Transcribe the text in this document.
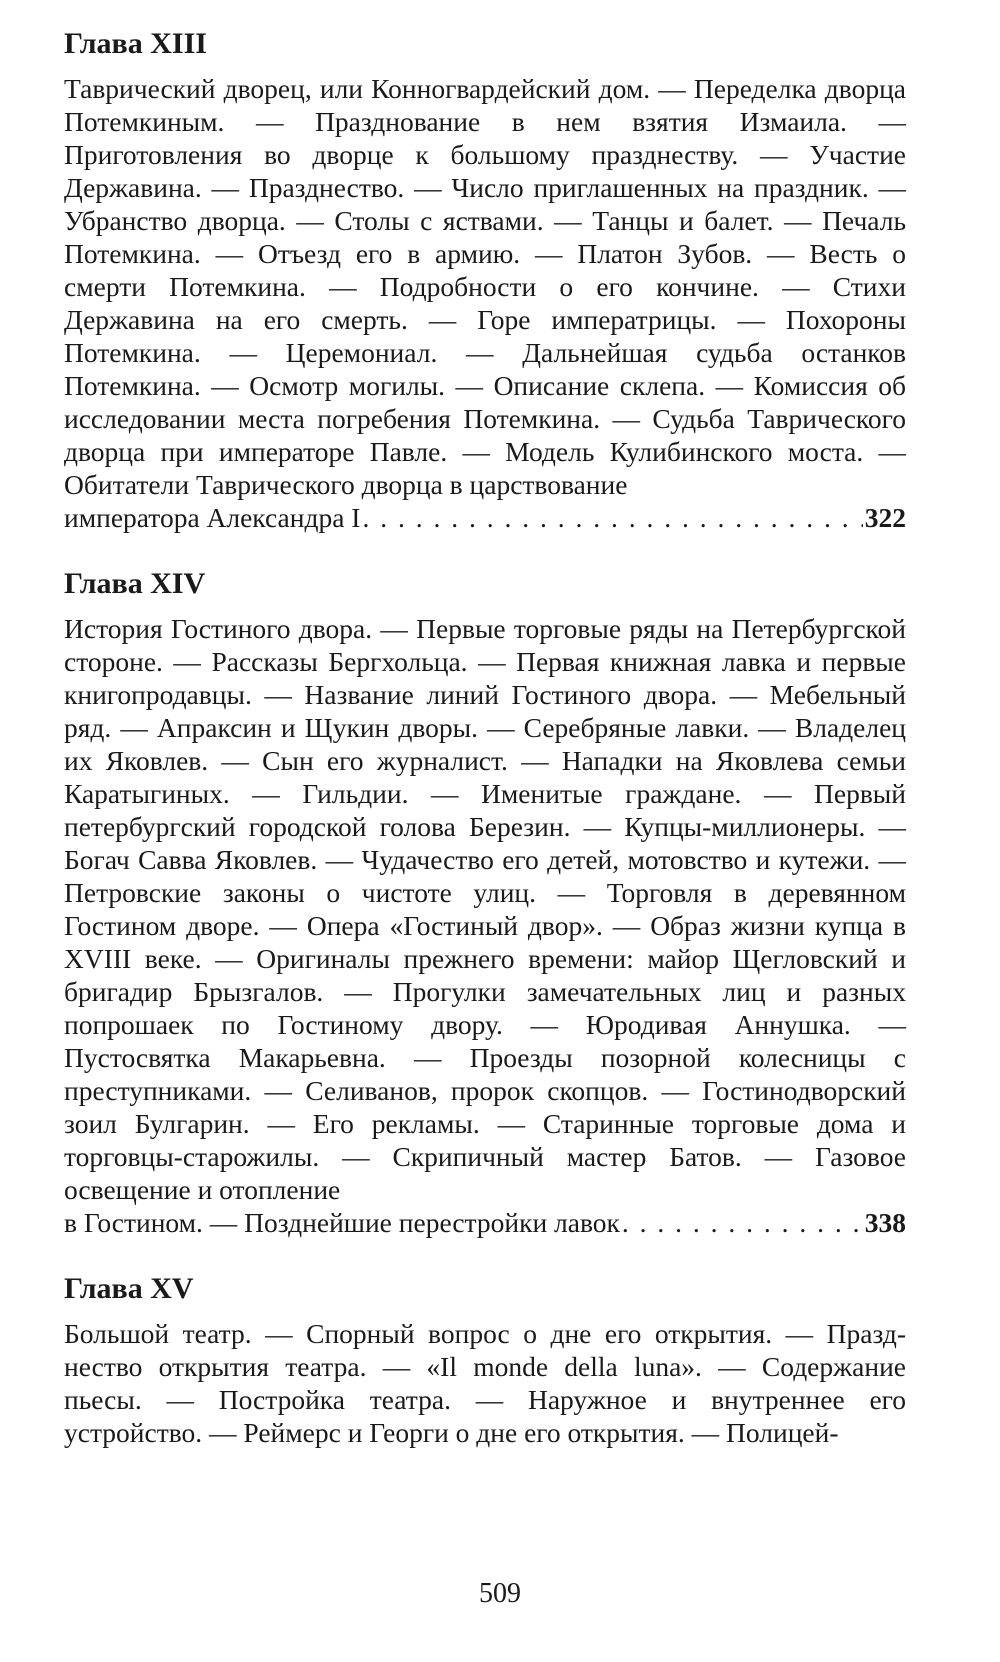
Глава XIII

Таврический дворец, или Конногвардейский дом. — Переделка дворца Потемкиным. — Празднование в нем взятия Измаила. — Приготовления во дворце к большому празднеству. — Участие Державина. — Празднество. — Число приглашенных на праздник. — Убранство дворца. — Столы с яствами. — Танцы и балет. — Печаль Потемкина. — Отъезд его в армию. — Платон Зубов. — Весть о смерти Потемкина. — Подробности о его кончине. — Стихи Державина на его смерть. — Горе императрицы. — Похороны Потемкина. — Церемониал. — Дальнейшая судьба останков Потемкина. — Осмотр могилы. — Описание склепа. — Комиссия об исследовании места погребения Потемкина. — Судьба Таврического дворца при императоре Павле. — Модель Кулибинского моста. — Обитатели Таврического дворца в царствование

императора Александра I . . .	322
Глава XIV

История Гостиного двора. — Первые торговые ряды на Петербургской стороне. — Рассказы Бергхольца. — Первая книжная лавка и первые книгопродавцы. — Название линий Гостиного двора. — Мебельный ряд. — Апраксин и Щукин дворы. — Серебряные лавки. — Владелец их Яковлев. — Сын его журналист. — Нападки на Яковлева семьи Каратыгиных. — Гильдии. — Именитые граждане. — Первый петербургский городской голова Березин. — Купцы-миллионеры. — Богач Савва Яковлев. — Чудачество его детей, мотовство и кутежи. — Петровские законы о чистоте улиц. — Торговля в деревянном Гостином дворе. — Опера «Гостиный двор». — Образ жизни купца в XVIII веке. — Оригиналы прежнего времени: майор Щегловский и бригадир Брызгалов. — Прогулки замечательных лиц и разных попрошаек по Гостиному двору. — Юродивая Аннушка. — Пустосвятка Макарьевна. — Проезды позорной колесницы с преступниками. — Селиванов, пророк скопцов. — Гостинодворский зоил Булгарин. — Его рекламы. — Старинные торговые дома и торговцы-старожилы. — Скрипичный мастер Батов. — Газовое освещение и отопление

в Гостином. — Позднейшие перестройки лавок . . .	338
Глава XV

Большой театр. — Спорный вопрос о дне его открытия. — Празднество открытия театра. — «Il monde della luna». — Содержание пьесы. — Постройка театра. — Наружное и внутреннее его устройство. — Реймерс и Георги о дне его открытия. — Полицей-

509
